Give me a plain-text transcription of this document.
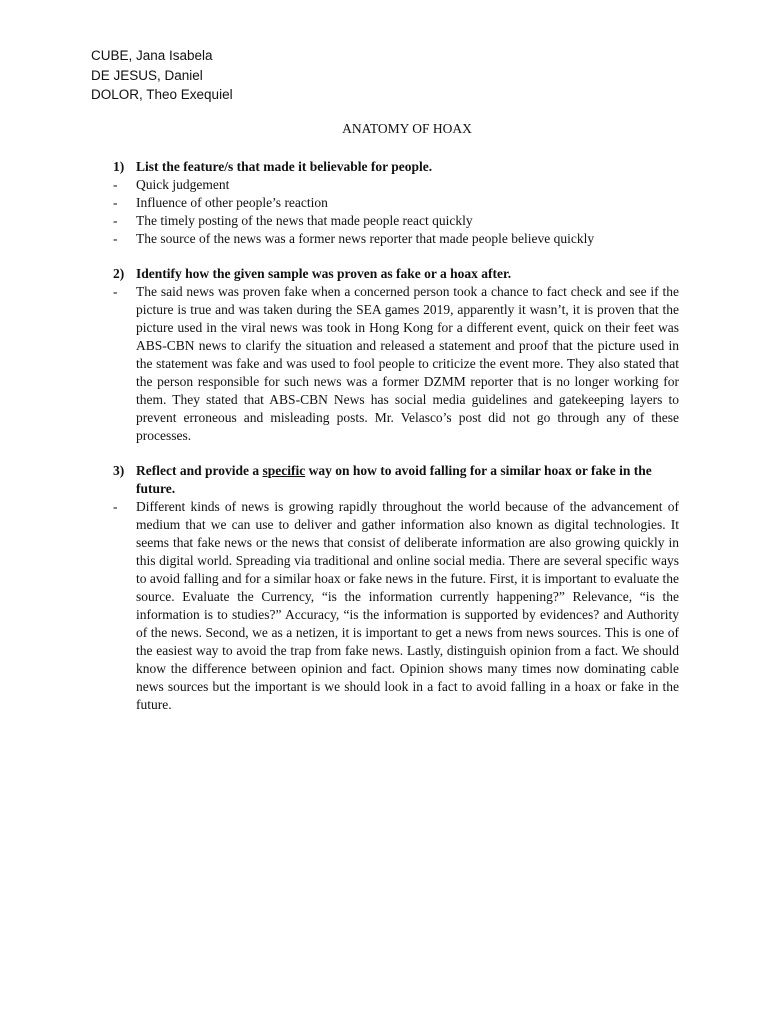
CUBE, Jana Isabela
DE JESUS, Daniel
DOLOR, Theo Exequiel
ANATOMY OF HOAX
1) List the feature/s that made it believable for people.
- Quick judgement
- Influence of other people’s reaction
- The timely posting of the news that made people react quickly
- The source of the news was a former news reporter that made people believe quickly
2) Identify how the given sample was proven as fake or a hoax after.
- The said news was proven fake when a concerned person took a chance to fact check and see if the picture is true and was taken during the SEA games 2019, apparently it wasn’t, it is proven that the picture used in the viral news was took in Hong Kong for a different event, quick on their feet was ABS-CBN news to clarify the situation and released a statement and proof that the picture used in the statement was fake and was used to fool people to criticize the event more. They also stated that the person responsible for such news was a former DZMM reporter that is no longer working for them. They stated that ABS-CBN News has social media guidelines and gatekeeping layers to prevent erroneous and misleading posts. Mr. Velasco’s post did not go through any of these processes.
3) Reflect and provide a specific way on how to avoid falling for a similar hoax or fake in the future.
- Different kinds of news is growing rapidly throughout the world because of the advancement of medium that we can use to deliver and gather information also known as digital technologies. It seems that fake news or the news that consist of deliberate information are also growing quickly in this digital world. Spreading via traditional and online social media. There are several specific ways to avoid falling and for a similar hoax or fake news in the future. First, it is important to evaluate the source. Evaluate the Currency, “is the information currently happening?” Relevance, “is the information is to studies?” Accuracy, “is the information is supported by evidences? and Authority of the news. Second, we as a netizen, it is important to get a news from news sources. This is one of the easiest way to avoid the trap from fake news. Lastly, distinguish opinion from a fact. We should know the difference between opinion and fact. Opinion shows many times now dominating cable news sources but the important is we should look in a fact to avoid falling in a hoax or fake in the future.
